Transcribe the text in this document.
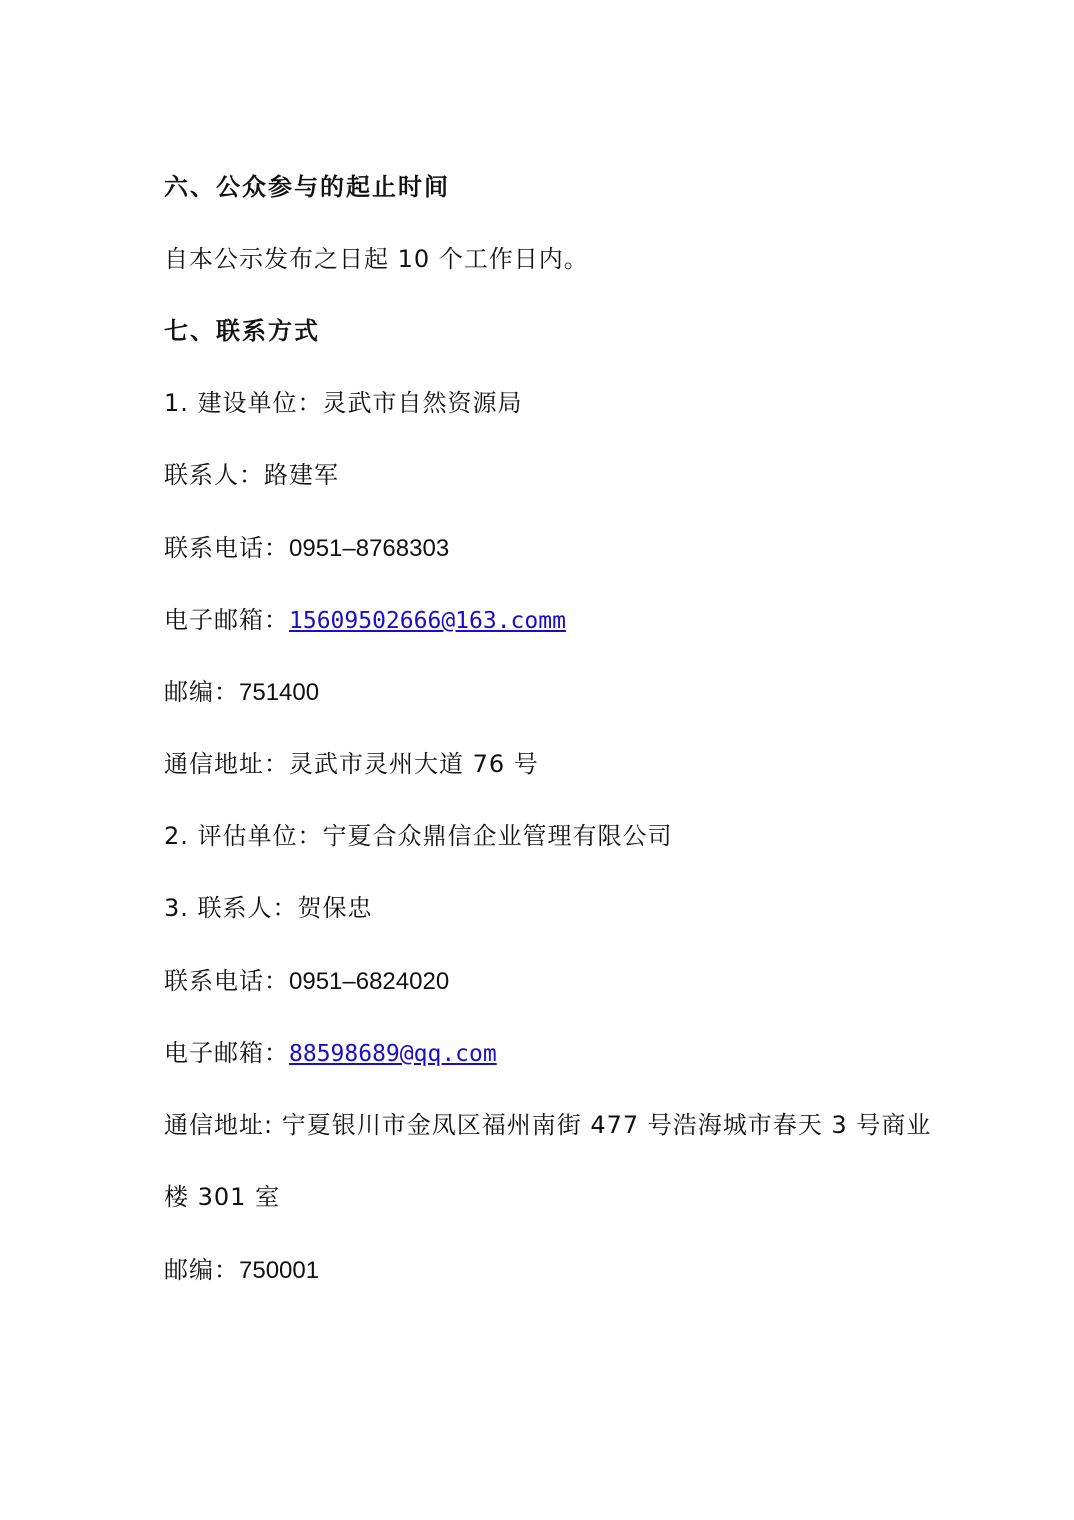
六、公众参与的起止时间
自本公示发布之日起 10 个工作日内。
七、联系方式
1. 建设单位：灵武市自然资源局
联系人：路建军
联系电话：0951–8768303
电子邮箱：15609502666@163.comm
邮编：751400
通信地址：灵武市灵州大道 76 号
2. 评估单位：宁夏合众鼎信企业管理有限公司
3. 联系人：贺保忠
联系电话：0951–6824020
电子邮箱：88598689@qq.com
通信地址: 宁夏银川市金凤区福州南街 477 号浩海城市春天 3 号商业
楼 301 室
邮编：750001
